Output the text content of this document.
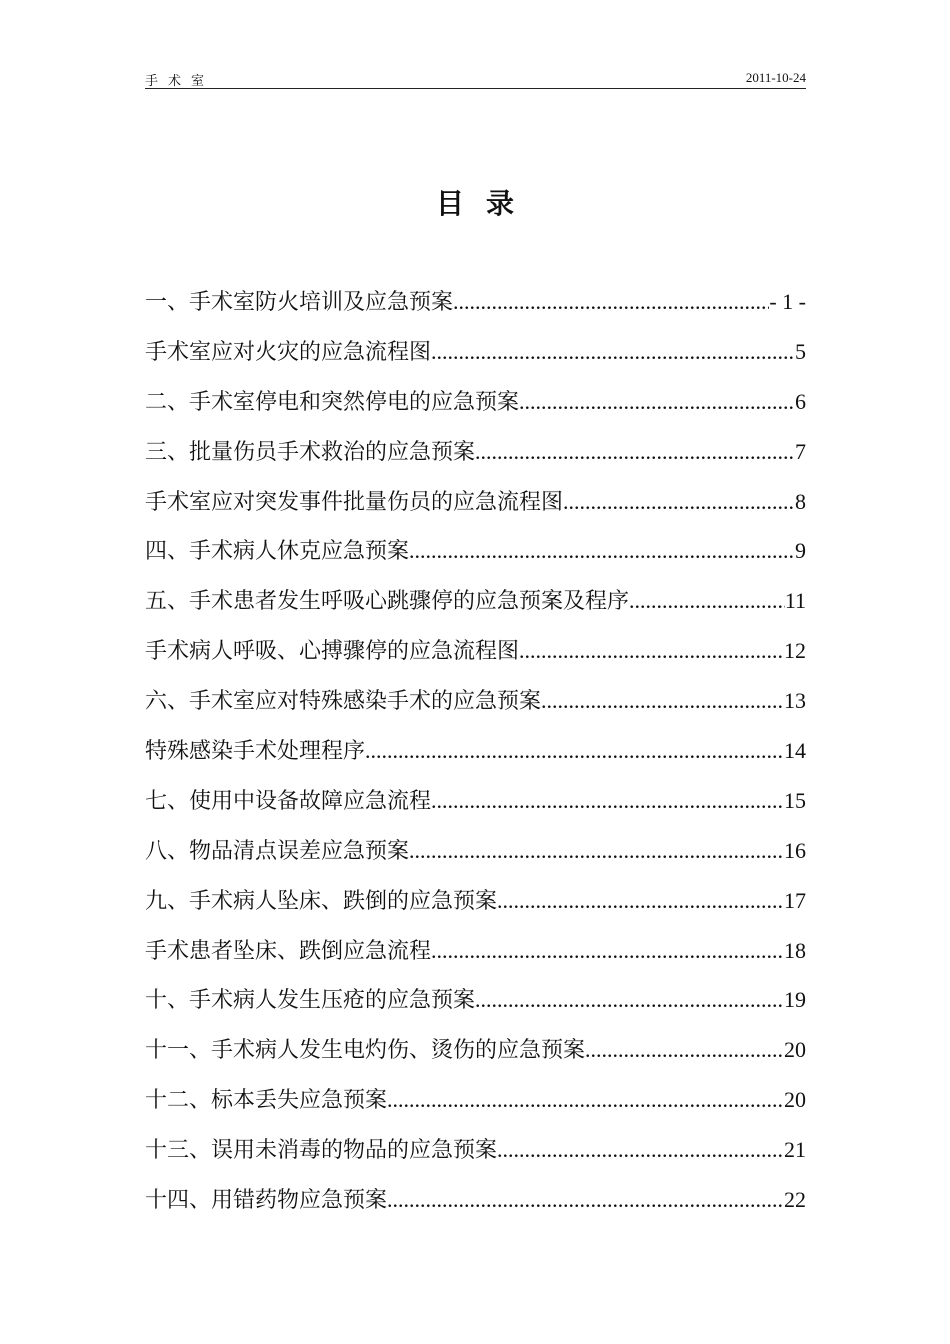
手术室	2011-10-24
目录
一、手术室防火培训及应急预案 .....	- 1 -
手术室应对火灾的应急流程图 .....	5
二、手术室停电和突然停电的应急预案 .....	6
三、批量伤员手术救治的应急预案 .....	7
手术室应对突发事件批量伤员的应急流程图 .....	8
四、手术病人休克应急预案 .....	9
五、手术患者发生呼吸心跳骤停的应急预案及程序 .....	11
手术病人呼吸、心搏骤停的应急流程图 .....	12
六、手术室应对特殊感染手术的应急预案 .....	13
特殊感染手术处理程序 .....	14
七、使用中设备故障应急流程 .....	15
八、物品清点误差应急预案 .....	16
九、手术病人坠床、跌倒的应急预案 .....	17
手术患者坠床、跌倒应急流程 .....	18
十、手术病人发生压疮的应急预案 .....	19
十一、手术病人发生电灼伤、烫伤的应急预案 .....	20
十二、标本丢失应急预案 .....	20
十三、误用未消毒的物品的应急预案 .....	21
十四、用错药物应急预案 .....	22
